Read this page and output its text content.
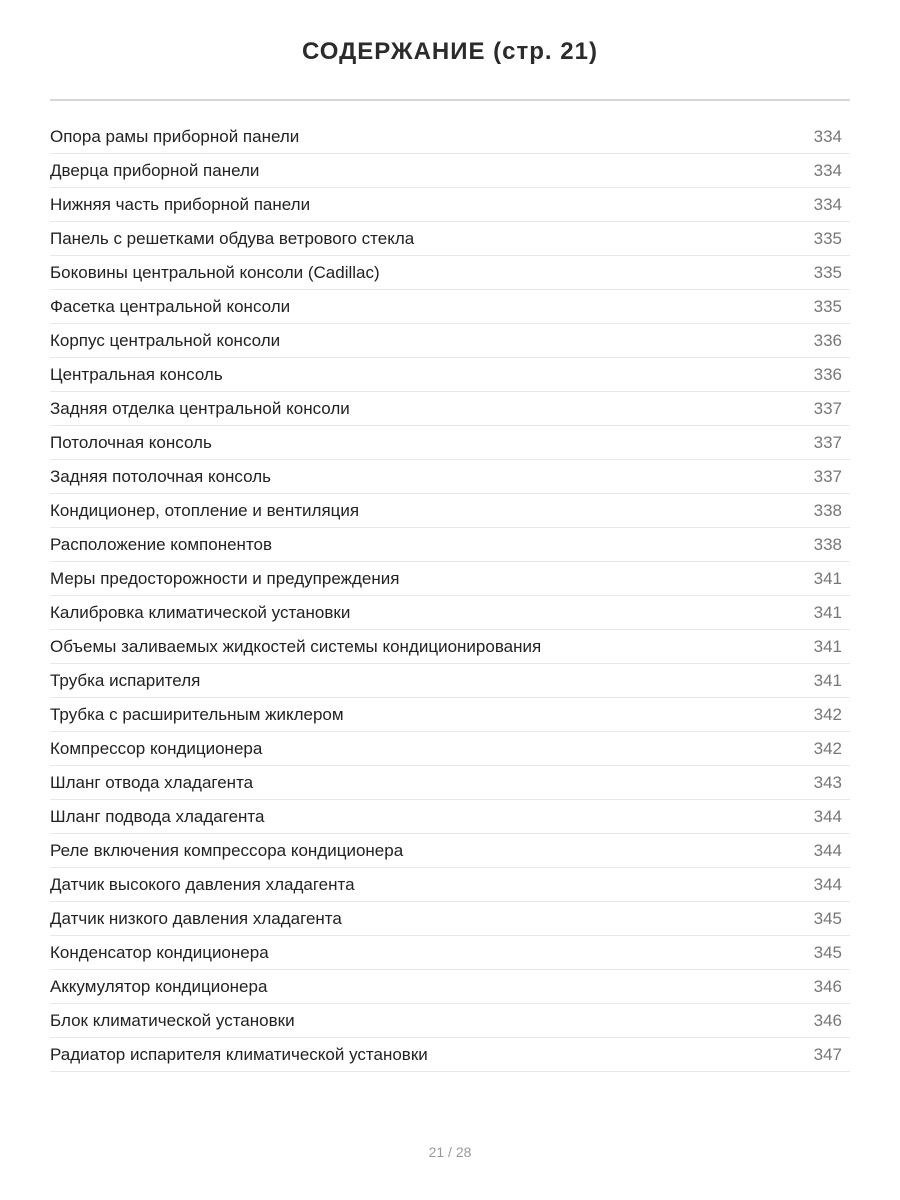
СОДЕРЖАНИЕ (стр. 21)
Опора рамы приборной панели	334
Дверца приборной панели	334
Нижняя часть приборной панели	334
Панель с решетками обдува ветрового стекла	335
Боковины центральной консоли (Cadillac)	335
Фасетка центральной консоли	335
Корпус центральной консоли	336
Центральная консоль	336
Задняя отделка центральной консоли	337
Потолочная консоль	337
Задняя потолочная консоль	337
Кондиционер, отопление и вентиляция	338
Расположение компонентов	338
Меры предосторожности и предупреждения	341
Калибровка климатической установки	341
Объемы заливаемых жидкостей системы кондиционирования	341
Трубка испарителя	341
Трубка с расширительным жиклером	342
Компрессор кондиционера	342
Шланг отвода хладагента	343
Шланг подвода хладагента	344
Реле включения компрессора кондиционера	344
Датчик высокого давления хладагента	344
Датчик низкого давления хладагента	345
Конденсатор кондиционера	345
Аккумулятор кондиционера	346
Блок климатической установки	346
Радиатор испарителя климатической установки	347
21 / 28
